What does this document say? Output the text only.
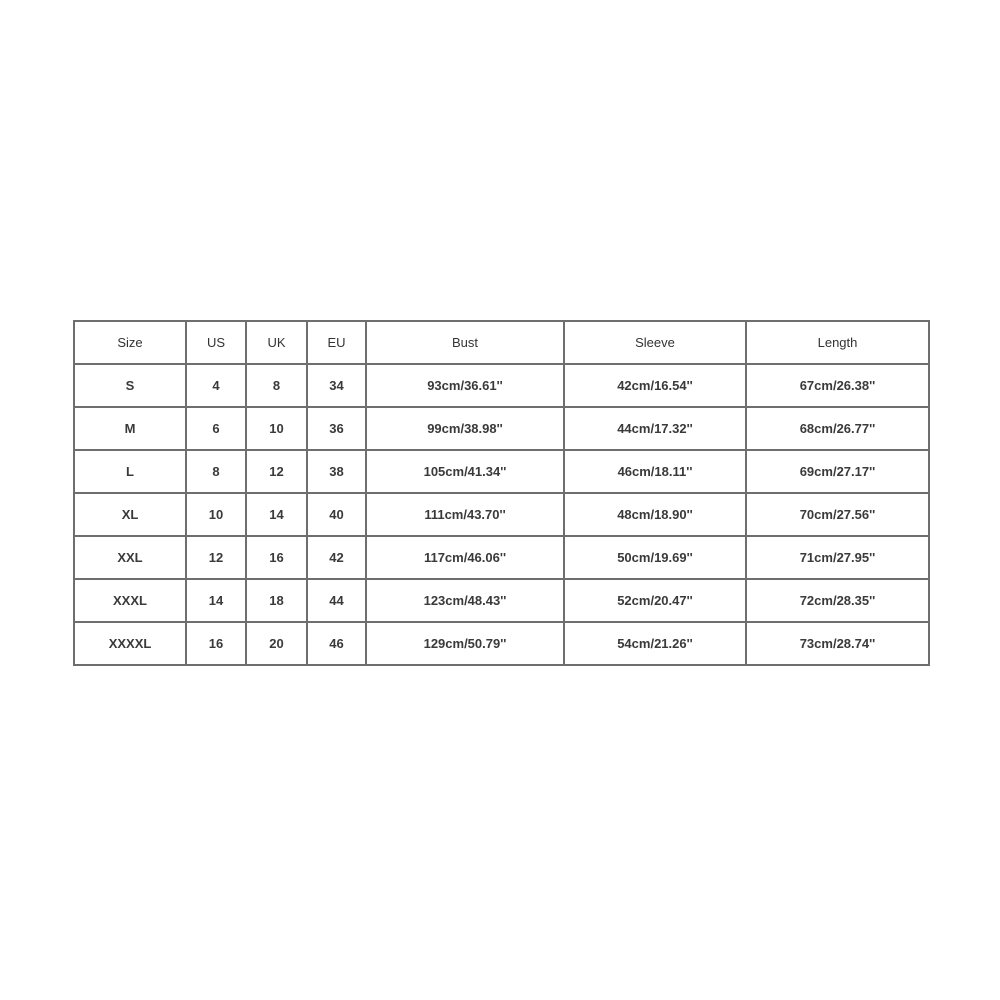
Size	US	UK	EU	Bust	Sleeve	Length
S	4	8	34	93cm/36.61''	42cm/16.54''	67cm/26.38''
M	6	10	36	99cm/38.98''	44cm/17.32''	68cm/26.77''
L	8	12	38	105cm/41.34''	46cm/18.11''	69cm/27.17''
XL	10	14	40	111cm/43.70''	48cm/18.90''	70cm/27.56''
XXL	12	16	42	117cm/46.06''	50cm/19.69''	71cm/27.95''
XXXL	14	18	44	123cm/48.43''	52cm/20.47''	72cm/28.35''
XXXXL	16	20	46	129cm/50.79''	54cm/21.26''	73cm/28.74''
